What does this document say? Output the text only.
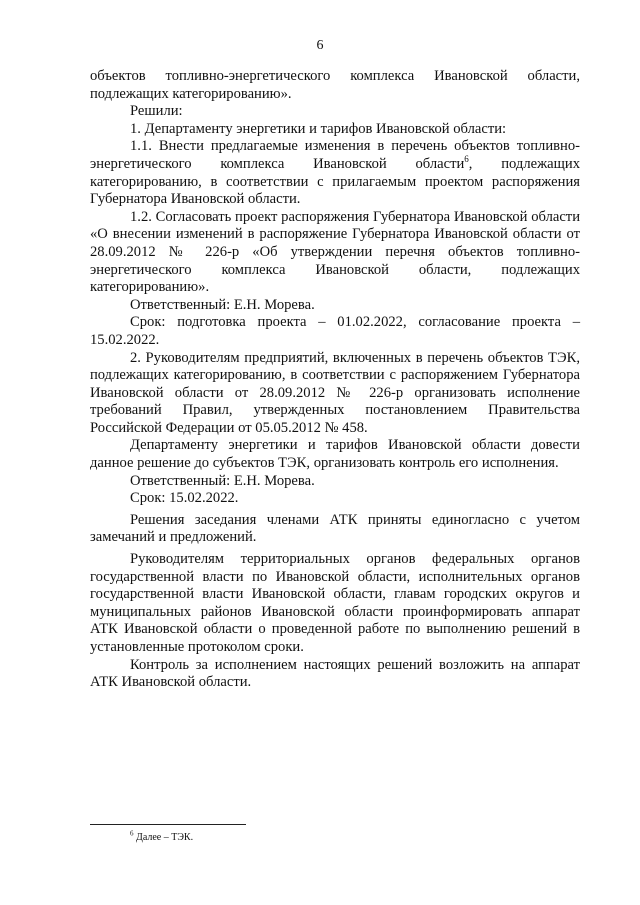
6

объектов топливно-энергетического комплекса Ивановской области, подлежащих категорированию».

Решили:

1. Департаменту энергетики и тарифов Ивановской области:

1.1. Внести предлагаемые изменения в перечень объектов топливно-энергетического комплекса Ивановской области$^6$, подлежащих категорированию, в соответствии с прилагаемым проектом распоряжения Губернатора Ивановской области.

1.2. Согласовать проект распоряжения Губернатора Ивановской области «О внесении изменений в распоряжение Губернатора Ивановской области от 28.09.2012 № 226-р «Об утверждении перечня объектов топливно-энергетического комплекса Ивановской области, подлежащих категорированию».

Ответственный: Е.Н. Морева.

Срок: подготовка проекта – 01.02.2022, согласование проекта – 15.02.2022.

2. Руководителям предприятий, включенных в перечень объектов ТЭК, подлежащих категорированию, в соответствии с распоряжением Губернатора Ивановской области от 28.09.2012 № 226-р организовать исполнение требований Правил, утвержденных постановлением Правительства Российской Федерации от 05.05.2012 № 458.

Департаменту энергетики и тарифов Ивановской области довести данное решение до субъектов ТЭК, организовать контроль его исполнения.

Ответственный: Е.Н. Морева.

Срок: 15.02.2022.

Решения заседания членами АТК приняты единогласно с учетом замечаний и предложений.

Руководителям территориальных органов федеральных органов государственной власти по Ивановской области, исполнительных органов государственной власти Ивановской области, главам городских округов и муниципальных районов Ивановской области проинформировать аппарат АТК Ивановской области о проведенной работе по выполнению решений в установленные протоколом сроки.

Контроль за исполнением настоящих решений возложить на аппарат АТК Ивановской области.

$^6$ Далее – ТЭК.
